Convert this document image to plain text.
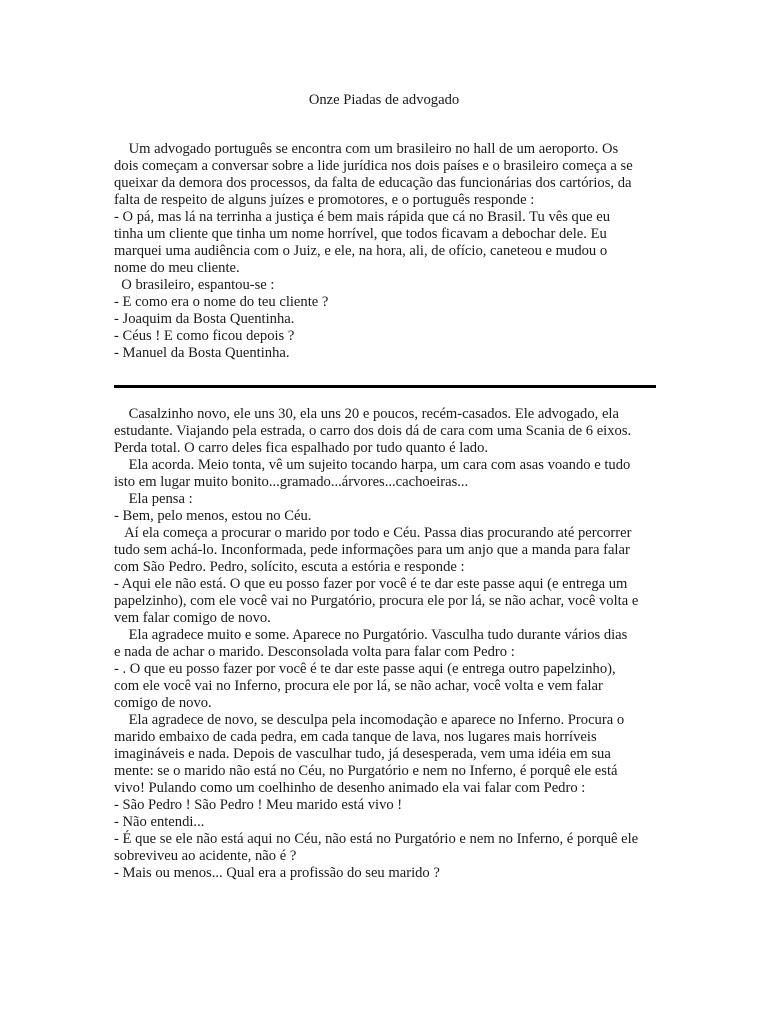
Onze Piadas de advogado
Um advogado português se encontra com um brasileiro no hall de um aeroporto. Os
dois começam a conversar sobre a lide jurídica nos dois países e o brasileiro começa a se
queixar da demora dos processos, da falta de educação das funcionárias dos cartórios, da
falta de respeito de alguns juízes e promotores, e o português responde :
- O pá, mas lá na terrinha a justiça é bem mais rápida que cá no Brasil. Tu vês que eu
tinha um cliente que tinha um nome horrível, que todos ficavam a debochar dele. Eu
marquei uma audiência com o Juiz, e ele, na hora, ali, de ofício, caneteou e mudou o
nome do meu cliente.
O brasileiro, espantou-se :
- E como era o nome do teu cliente ?
- Joaquim da Bosta Quentinha.
- Céus ! E como ficou depois ?
- Manuel da Bosta Quentinha.
Casalzinho novo, ele uns 30, ela uns 20 e poucos, recém-casados. Ele advogado, ela
estudante. Viajando pela estrada, o carro dos dois dá de cara com uma Scania de 6 eixos.
Perda total. O carro deles fica espalhado por tudo quanto é lado.
Ela acorda. Meio tonta, vê um sujeito tocando harpa, um cara com asas voando e tudo
isto em lugar muito bonito...gramado...árvores...cachoeiras...
Ela pensa :
- Bem, pelo menos, estou no Céu.
Aí ela começa a procurar o marido por todo e Céu. Passa dias procurando até percorrer
tudo sem achá-lo. Inconformada, pede informações para um anjo que a manda para falar
com São Pedro. Pedro, solícito, escuta a estória e responde :
- Aqui ele não está. O que eu posso fazer por você é te dar este passe aqui (e entrega um
papelzinho), com ele você vai no Purgatório, procura ele por lá, se não achar, você volta e
vem falar comigo de novo.
Ela agradece muito e some. Aparece no Purgatório. Vasculha tudo durante vários dias
e nada de achar o marido. Desconsolada volta para falar com Pedro :
- . O que eu posso fazer por você é te dar este passe aqui (e entrega outro papelzinho),
com ele você vai no Inferno, procura ele por lá, se não achar, você volta e vem falar
comigo de novo.
Ela agradece de novo, se desculpa pela incomodação e aparece no Inferno. Procura o
marido embaixo de cada pedra, em cada tanque de lava, nos lugares mais horríveis
imagináveis e nada. Depois de vasculhar tudo, já desesperada, vem uma idéia em sua
mente: se o marido não está no Céu, no Purgatório e nem no Inferno, é porquê ele está
vivo! Pulando como um coelhinho de desenho animado ela vai falar com Pedro :
- São Pedro ! São Pedro ! Meu marido está vivo !
- Não entendi...
- É que se ele não está aqui no Céu, não está no Purgatório e nem no Inferno, é porquê ele
sobreviveu ao acidente, não é ?
- Mais ou menos... Qual era a profissão do seu marido ?
